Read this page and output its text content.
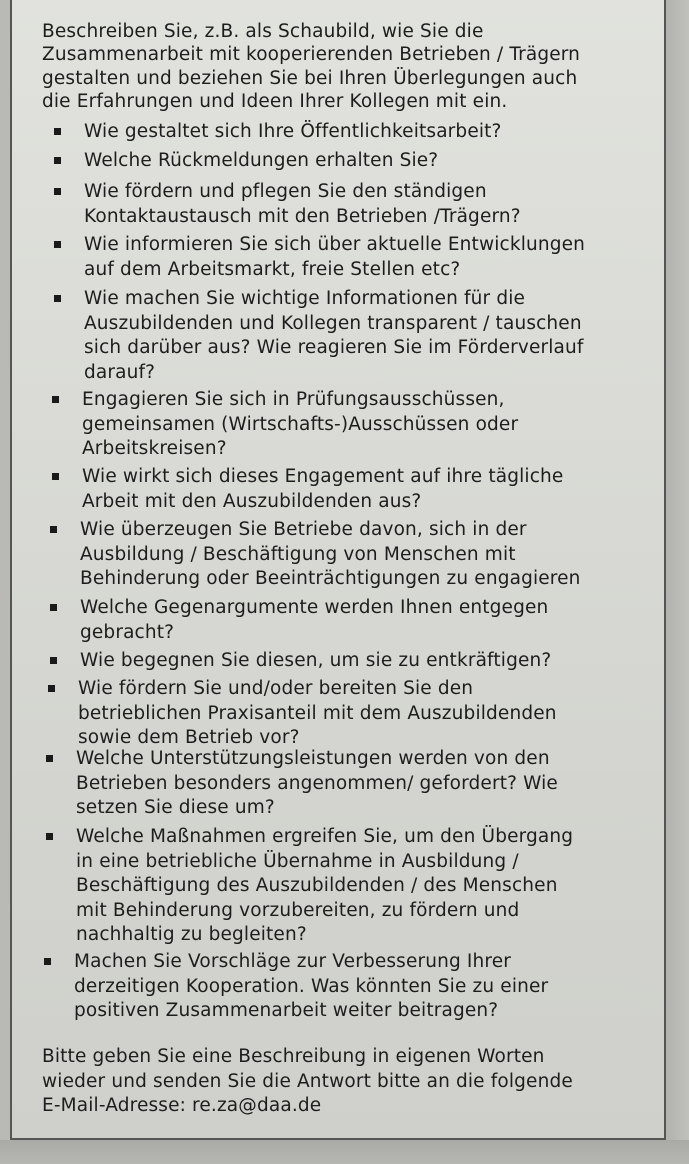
Beschreiben Sie, z.B. als Schaubild, wie Sie die
Zusammenarbeit mit kooperierenden Betrieben / Trägern
gestalten und beziehen Sie bei Ihren Überlegungen auch
die Erfahrungen und Ideen Ihrer Kollegen mit ein.
Wie gestaltet sich Ihre Öffentlichkeitsarbeit?
Welche Rückmeldungen erhalten Sie?
Wie fördern und pflegen Sie den ständigen
Kontaktaustausch mit den Betrieben /Trägern?
Wie informieren Sie sich über aktuelle Entwicklungen
auf dem Arbeitsmarkt, freie Stellen etc?
Wie machen Sie wichtige Informationen für die
Auszubildenden und Kollegen transparent / tauschen
sich darüber aus? Wie reagieren Sie im Förderverlauf
darauf?
Engagieren Sie sich in Prüfungsausschüssen,
gemeinsamen (Wirtschafts-)Ausschüssen oder
Arbeitskreisen?
Wie wirkt sich dieses Engagement auf ihre tägliche
Arbeit mit den Auszubildenden aus?
Wie überzeugen Sie Betriebe davon, sich in der
Ausbildung / Beschäftigung von Menschen mit
Behinderung oder Beeinträchtigungen zu engagieren
Welche Gegenargumente werden Ihnen entgegen
gebracht?
Wie begegnen Sie diesen, um sie zu entkräftigen?
Wie fördern Sie und/oder bereiten Sie den
betrieblichen Praxisanteil mit dem Auszubildenden
sowie dem Betrieb vor?
Welche Unterstützungsleistungen werden von den
Betrieben besonders angenommen/ gefordert? Wie
setzen Sie diese um?
Welche Maßnahmen ergreifen Sie, um den Übergang
in eine betriebliche Übernahme in Ausbildung /
Beschäftigung des Auszubildenden / des Menschen
mit Behinderung vorzubereiten, zu fördern und
nachhaltig zu begleiten?
Machen Sie Vorschläge zur Verbesserung Ihrer
derzeitigen Kooperation. Was könnten Sie zu einer
positiven Zusammenarbeit weiter beitragen?
Bitte geben Sie eine Beschreibung in eigenen Worten
wieder und senden Sie die Antwort bitte an die folgende
E-Mail-Adresse: re.za@daa.de
